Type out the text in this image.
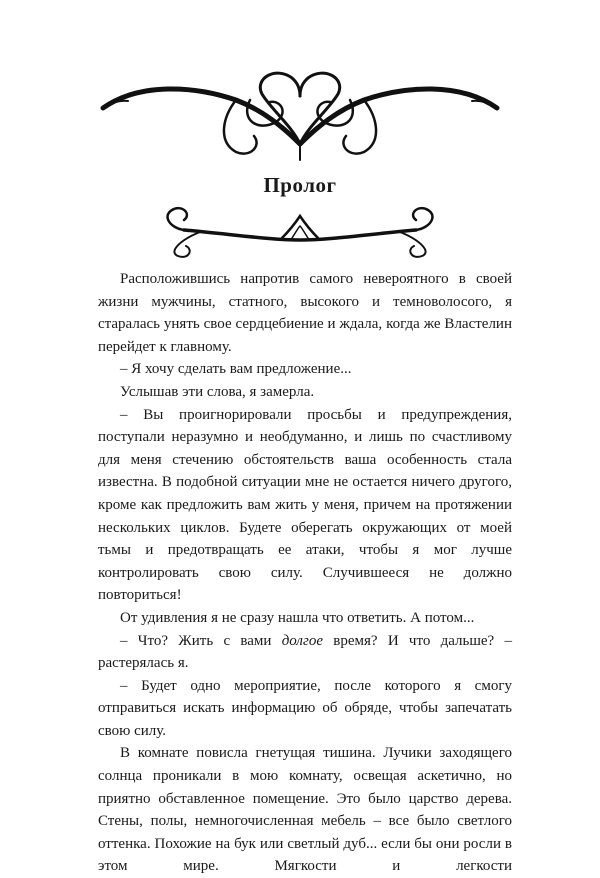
Пролог

Расположившись напротив самого невероятного в своей жизни мужчины, статного, высокого и темноволосого, я старалась унять свое сердцебиение и ждала, когда же Властелин перейдет к главному.

– Я хочу сделать вам предложение...

Услышав эти слова, я замерла.

– Вы проигнорировали просьбы и предупреждения, поступали неразумно и необдуманно, и лишь по счастливому для меня стечению обстоятельств ваша особенность стала известна. В подобной ситуации мне не остается ничего другого, кроме как предложить вам жить у меня, причем на протяжении нескольких циклов. Будете оберегать окружающих от моей тьмы и предотвращать ее атаки, чтобы я мог лучше контролировать свою силу. Случившееся не должно повториться!

От удивления я не сразу нашла что ответить. А потом...

– Что? Жить с вами долгое время? И что дальше? – растерялась я.

– Будет одно мероприятие, после которого я смогу отправиться искать информацию об обряде, чтобы запечатать свою силу.

В комнате повисла гнетущая тишина. Лучики заходящего солнца проникали в мою комнату, освещая аскетично, но приятно обставленное помещение. Это было царство дерева. Стены, полы, немногочисленная мебель – все было светлого оттенка. Похожие на бук или светлый дуб... если бы они росли в этом мире. Мягкости и легкости
